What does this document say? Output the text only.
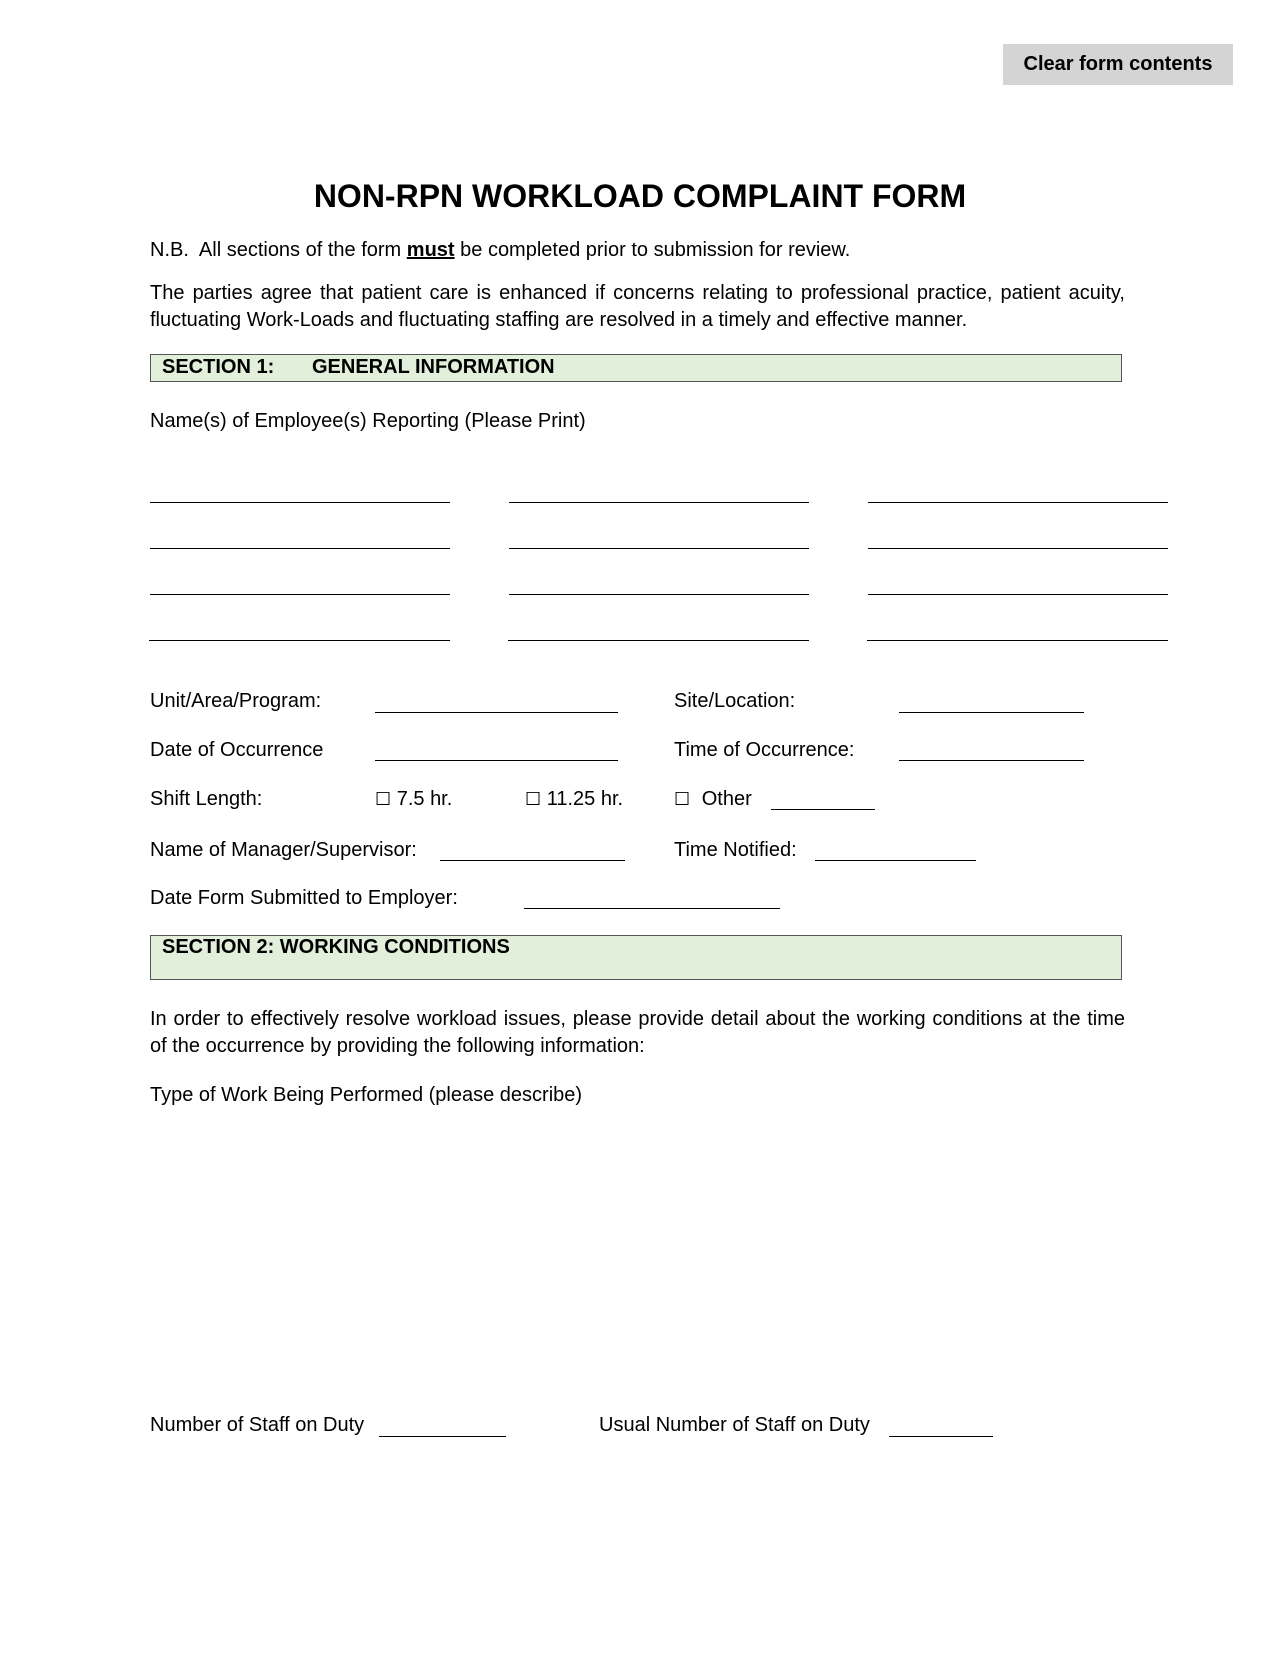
Clear form contents
NON-RPN WORKLOAD COMPLAINT FORM
N.B.  All sections of the form must be completed prior to submission for review.
The parties agree that patient care is enhanced if concerns relating to professional practice, patient acuity, fluctuating Work-Loads and fluctuating staffing are resolved in a timely and effective manner.
SECTION 1: GENERAL INFORMATION
Name(s) of Employee(s) Reporting (Please Print)
Unit/Area/Program:	Site/Location:
Date of Occurrence	Time of Occurrence:
Shift Length:	☐ 7.5 hr.	☐ 11.25 hr.	☐ Other
Name of Manager/Supervisor:	Time Notified:
Date Form Submitted to Employer:
SECTION 2: WORKING CONDITIONS
In order to effectively resolve workload issues, please provide detail about the working conditions at the time of the occurrence by providing the following information:
Type of Work Being Performed (please describe)
Number of Staff on Duty	Usual Number of Staff on Duty
